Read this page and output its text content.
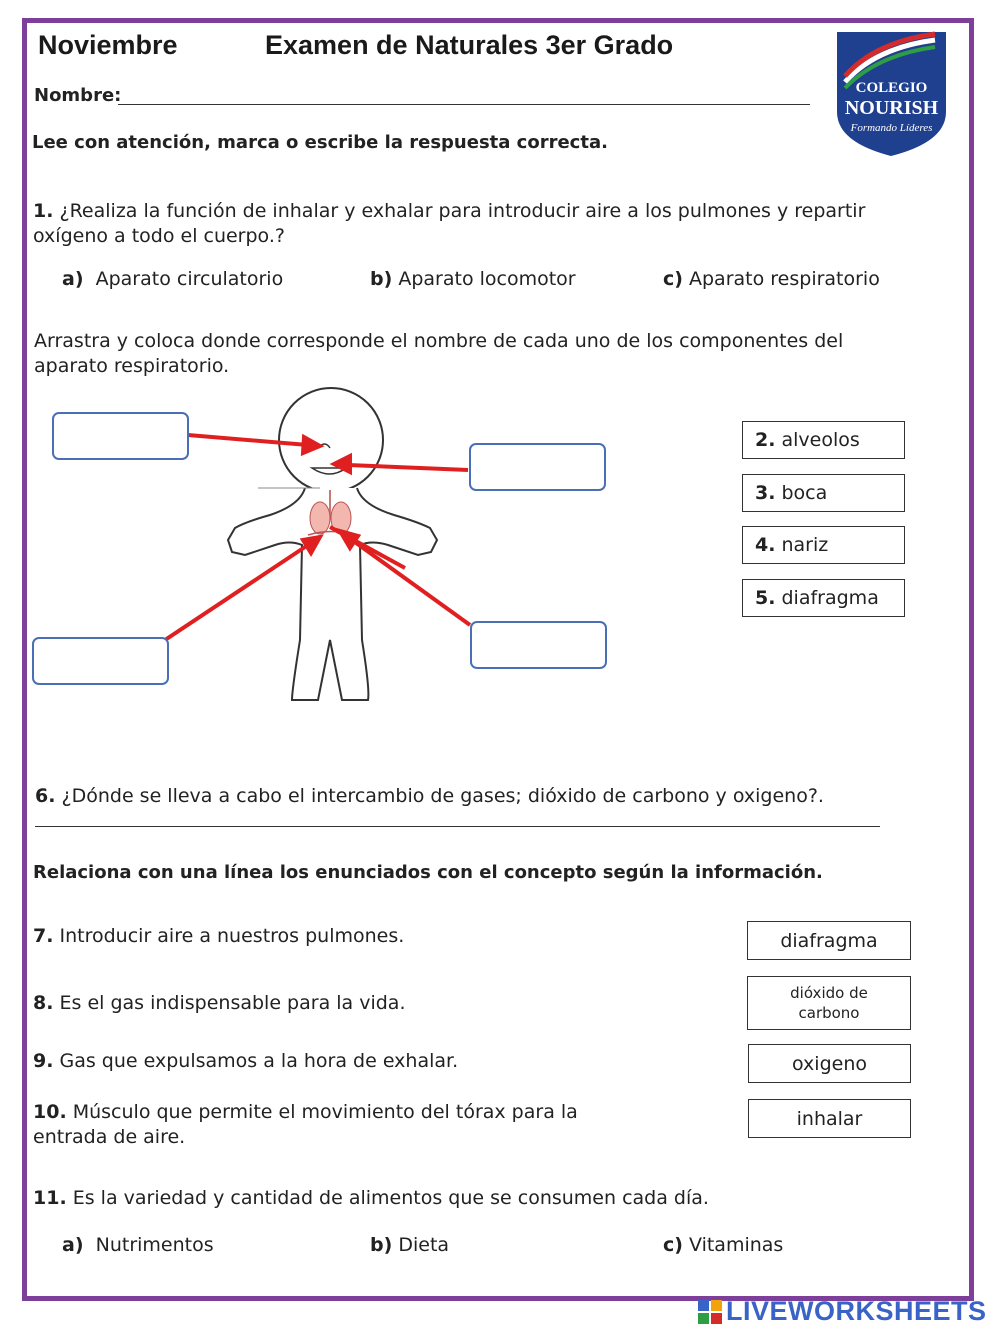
Noviembre	Examen de Naturales 3er Grado
Nombre:
Lee con atención, marca o escribe la respuesta correcta.
COLEGIO
NOURISH
Formando Líderes
1. ¿Realiza la función de inhalar y exhalar para introducir aire a los pulmones y repartir
oxígeno a todo el cuerpo.?
a) Aparato circulatorio	b) Aparato locomotor	c) Aparato respiratorio
Arrastra y coloca donde corresponde el nombre de cada uno de los componentes del
aparato respiratorio.
2. alveolos
3. boca
4. nariz
5. diafragma
6. ¿Dónde se lleva a cabo el intercambio de gases; dióxido de carbono y oxigeno?.
Relaciona con una línea los enunciados con el concepto según la información.
7. Introducir aire a nuestros pulmones.
8. Es el gas indispensable para la vida.
9. Gas que expulsamos a la hora de exhalar.
10. Músculo que permite el movimiento del tórax para la
entrada de aire.
diafragma
dióxido de
carbono
oxigeno
inhalar
11. Es la variedad y cantidad de alimentos que se consumen cada día.
a) Nutrimentos	b) Dieta	c) Vitaminas
LIVEWORKSHEETS
